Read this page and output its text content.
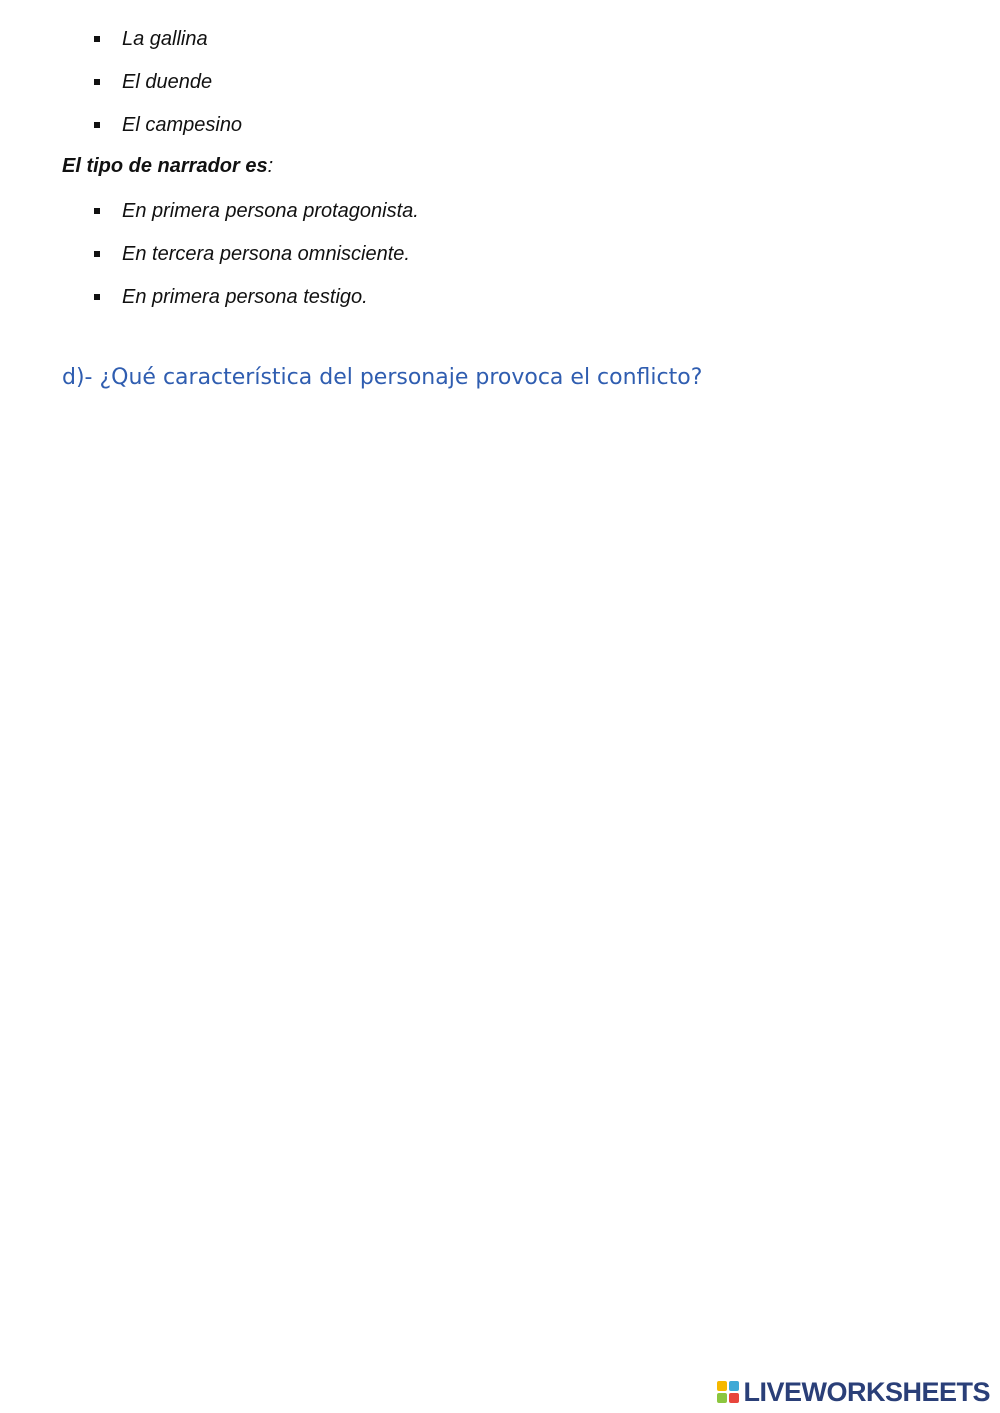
La gallina
El duende
El campesino
El tipo de narrador es:
En primera persona protagonista.
En tercera persona omnisciente.
En primera persona testigo.
d)- ¿Qué característica del personaje provoca el conflicto?
LIVEWORKSHEETS
